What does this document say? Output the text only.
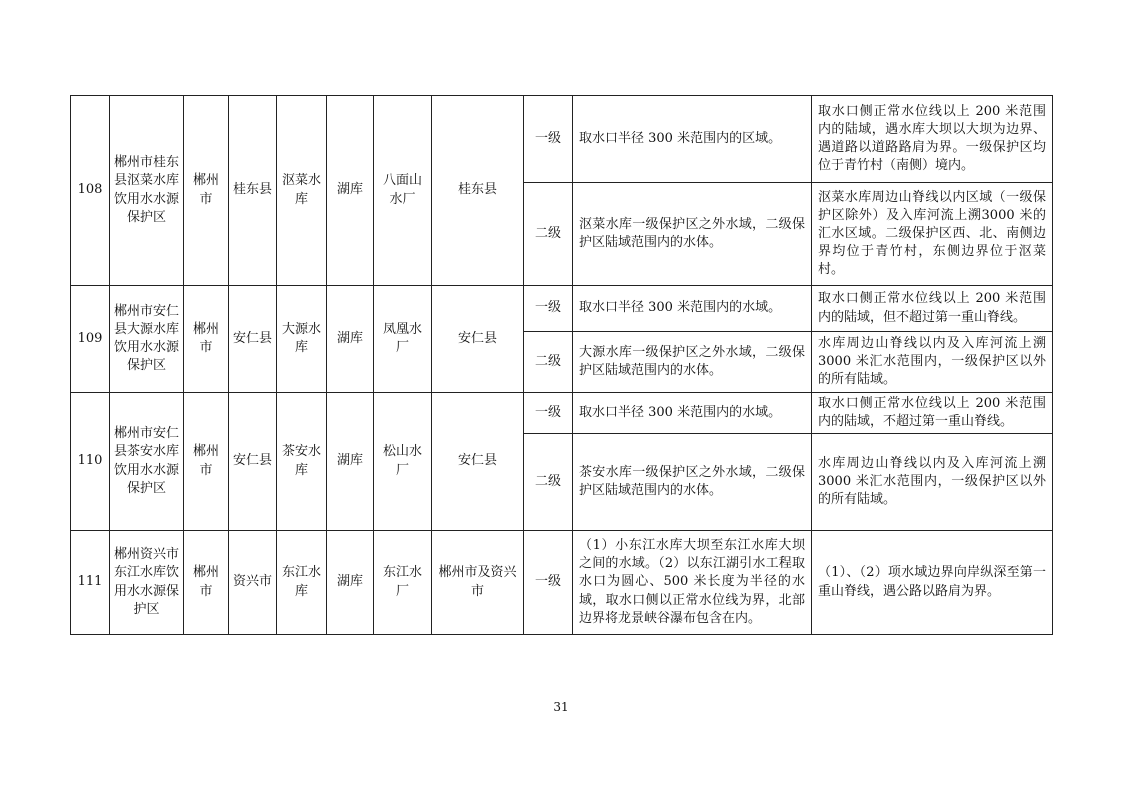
108	郴州市桂东县沤菜水库饮用水水源保护区	郴州市	桂东县	沤菜水库	湖库	八面山水厂	桂东县	一级	取水口半径 300 米范围内的区域。	取水口侧正常水位线以上 200 米范围内的陆域，遇水库大坝以大坝为边界、遇道路以道路路肩为界。一级保护区均位于青竹村（南侧）境内。
								二级	沤菜水库一级保护区之外水域，二级保护区陆域范围内的水体。	沤菜水库周边山脊线以内区域（一级保护区除外）及入库河流上溯3000 米的汇水区域。二级保护区西、北、南侧边界均位于青竹村，东侧边界位于沤菜村。
109	郴州市安仁县大源水库饮用水水源保护区	郴州市	安仁县	大源水库	湖库	凤凰水厂	安仁县	一级	取水口半径 300 米范围内的水域。	取水口侧正常水位线以上 200 米范围内的陆域，但不超过第一重山脊线。
								二级	大源水库一级保护区之外水域，二级保护区陆域范围内的水体。	水库周边山脊线以内及入库河流上溯3000 米汇水范围内，一级保护区以外的所有陆域。
110	郴州市安仁县茶安水库饮用水水源保护区	郴州市	安仁县	茶安水库	湖库	松山水厂	安仁县	一级	取水口半径 300 米范围内的水域。	取水口侧正常水位线以上 200 米范围内的陆域，不超过第一重山脊线。
								二级	茶安水库一级保护区之外水域，二级保护区陆域范围内的水体。	水库周边山脊线以内及入库河流上溯3000 米汇水范围内，一级保护区以外的所有陆域。
111	郴州资兴市东江水库饮用水水源保护区	郴州市	资兴市	东江水库	湖库	东江水厂	郴州市及资兴市	一级	（1）小东江水库大坝至东江水库大坝之间的水域。（2）以东江湖引水工程取水口为圆心、500 米长度为半径的水域，取水口侧以正常水位线为界，北部边界将龙景峡谷瀑布包含在内。	（1）、（2）项水域边界向岸纵深至第一重山脊线，遇公路以路肩为界。
31
